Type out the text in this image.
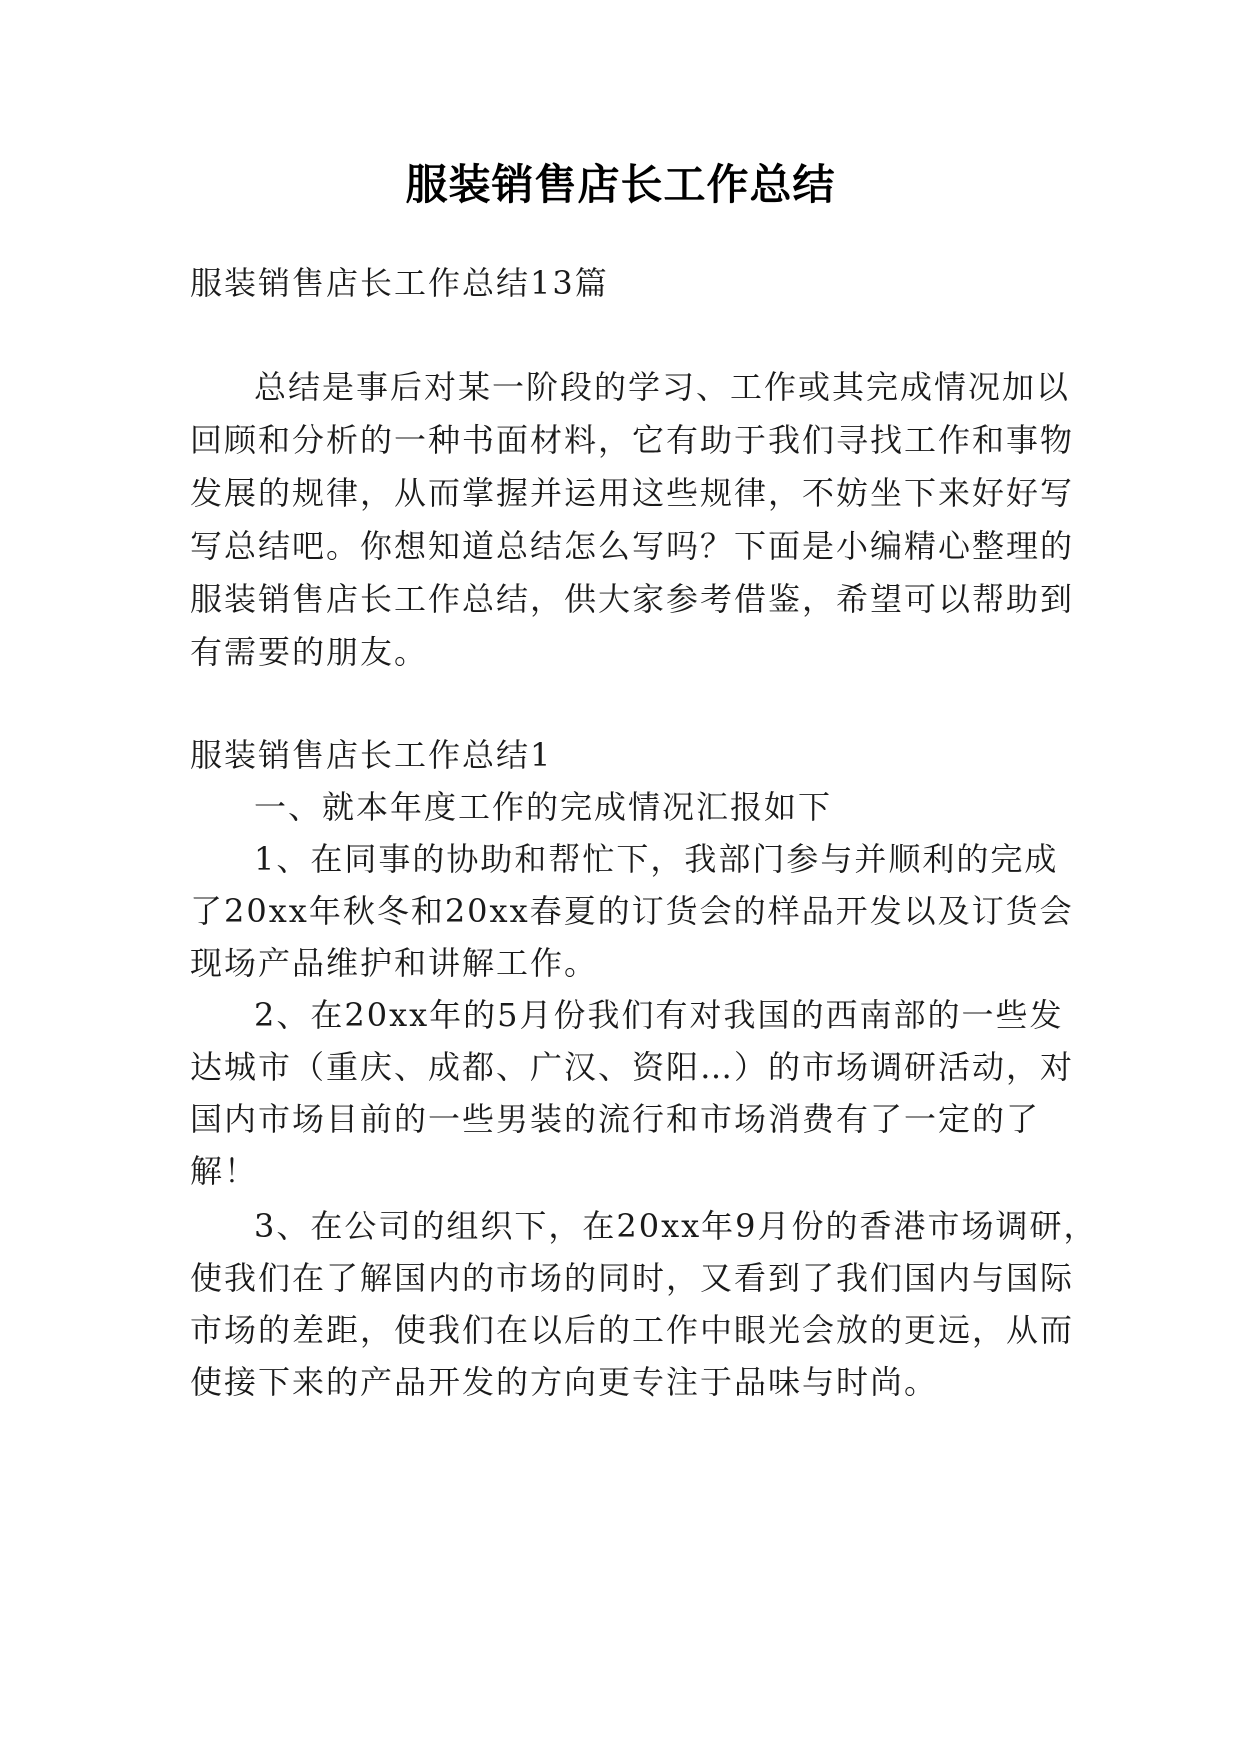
服装销售店长工作总结
服装销售店长工作总结13篇
总结是事后对某一阶段的学习、工作或其完成情况加以
回顾和分析的一种书面材料，它有助于我们寻找工作和事物
发展的规律，从而掌握并运用这些规律，不妨坐下来好好写
写总结吧。你想知道总结怎么写吗？下面是小编精心整理的
服装销售店长工作总结，供大家参考借鉴，希望可以帮助到
有需要的朋友。
服装销售店长工作总结1
一、就本年度工作的完成情况汇报如下
1、在同事的协助和帮忙下，我部门参与并顺利的完成
了20xx年秋冬和20xx春夏的订货会的样品开发以及订货会
现场产品维护和讲解工作。
2、在20xx年的5月份我们有对我国的西南部的一些发
达城市（重庆、成都、广汉、资阳…）的市场调研活动，对
国内市场目前的一些男装的流行和市场消费有了一定的了
解！
3、在公司的组织下，在20xx年9月份的香港市场调研，
使我们在了解国内的市场的同时，又看到了我们国内与国际
市场的差距，使我们在以后的工作中眼光会放的更远，从而
使接下来的产品开发的方向更专注于品味与时尚。
